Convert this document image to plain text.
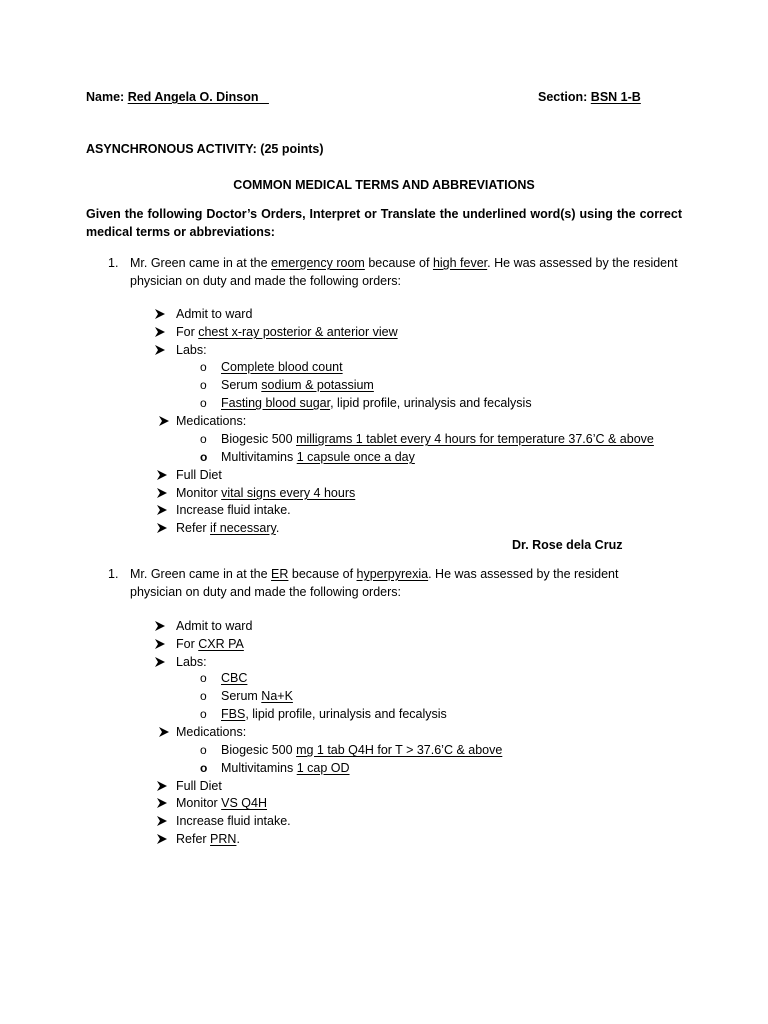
Name: Red Angela O. Dinson	Section: BSN 1-B
ASYNCHRONOUS ACTIVITY: (25 points)
COMMON MEDICAL TERMS AND ABBREVIATIONS
Given the following Doctor’s Orders, Interpret or Translate the underlined word(s) using the correct medical terms or abbreviations:
1. Mr. Green came in at the emergency room because of high fever. He was assessed by the resident
physician on duty and made the following orders:
Admit to ward
For chest x-ray posterior & anterior view
Labs:
o Complete blood count
o Serum sodium & potassium
o Fasting blood sugar, lipid profile, urinalysis and fecalysis
Medications:
o Biogesic 500 milligrams 1 tablet every 4 hours for temperature 37.6’C & above
o Multivitamins 1 capsule once a day
Full Diet
Monitor vital signs every 4 hours
Increase fluid intake.
Refer if necessary.
Dr. Rose dela Cruz
1. Mr. Green came in at the ER because of hyperpyrexia. He was assessed by the resident
physician on duty and made the following orders:
Admit to ward
For CXR PA
Labs:
o CBC
o Serum Na+K
o FBS, lipid profile, urinalysis and fecalysis
Medications:
o Biogesic 500 mg 1 tab Q4H for T > 37.6’C & above
o Multivitamins 1 cap OD
Full Diet
Monitor VS Q4H
Increase fluid intake.
Refer PRN.
